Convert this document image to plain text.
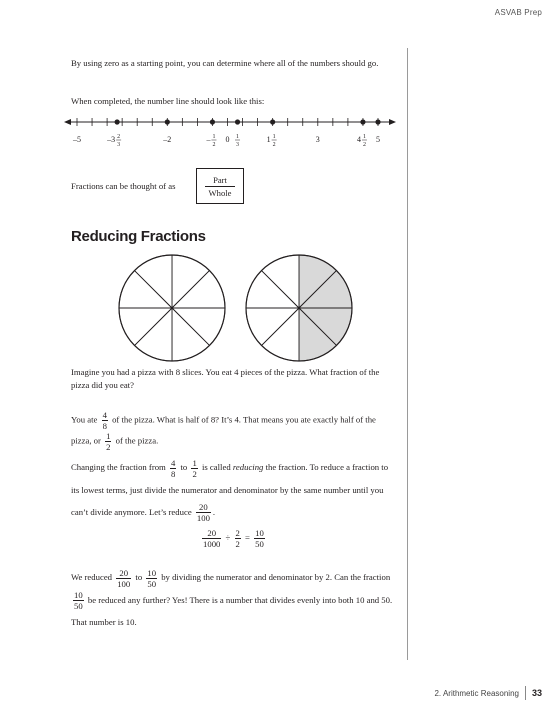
ASVAB Prep
By using zero as a starting point, you can determine where all of the numbers should go.
When completed, the number line should look like this:
–5	–3 2
3
–2	– 1
2
0 1
3
1 1
2
3	4 1
2
5
Fractions can be thought of as
Part
Whole
Reducing Fractions
Imagine you had a pizza with 8 slices. You eat 4 pieces of the pizza. What fraction of the pizza did you eat?
You ate $\frac{4}{8}$ of the pizza. What is half of 8? It’s 4. That means you ate exactly half of the pizza, or $\frac{1}{2}$ of the pizza.
Changing the fraction from $\frac{4}{8}$ to $\frac{1}{2}$ is called reducing the fraction. To reduce a fraction to its lowest terms, just divide the numerator and denominator by the same number until you can’t divide anymore. Let’s reduce $\frac{20}{100}$ .
$\frac{20}{1000} \div \frac{2}{2} = \frac{10}{50}$
We reduced $\frac{20}{100}$ to $\frac{10}{50}$ by dividing the numerator and denominator by 2. Can the fraction
$\frac{10}{50}$ be reduced any further? Yes! There is a number that divides evenly into both 10 and 50. That number is 10.
2. Arithmetic Reasoning 33
